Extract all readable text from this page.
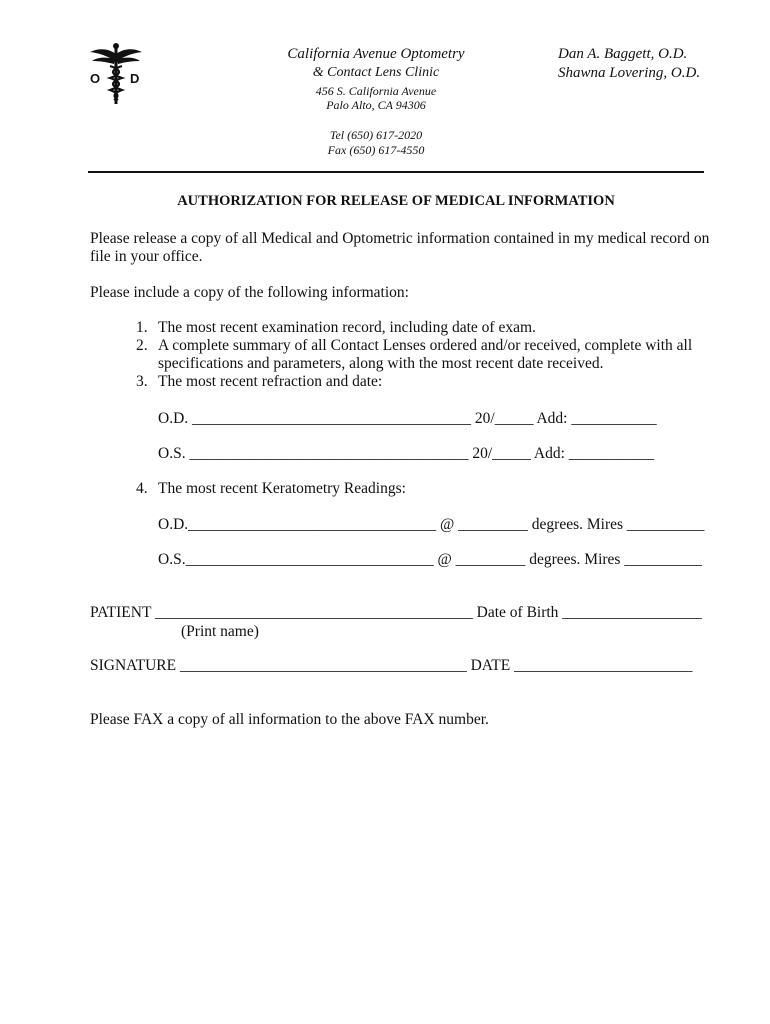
O D
California Avenue Optometry
& Contact Lens Clinic
456 S. California Avenue
Palo Alto, CA 94306
Tel (650) 617-2020
Fax (650) 617-4550
Dan A. Baggett, O.D.
Shawna Lovering, O.D.
AUTHORIZATION FOR RELEASE OF MEDICAL INFORMATION
Please release a copy of all Medical and Optometric information contained in my medical record on
file in your office.
Please include a copy of the following information:
1. The most recent examination record, including date of exam.
2. A complete summary of all Contact Lenses ordered and/or received, complete with all
specifications and parameters, along with the most recent date received.
3. The most recent refraction and date:
O.D. ____________________________________ 20/_____ Add: ___________
O.S. ____________________________________ 20/_____ Add: ___________
4. The most recent Keratometry Readings:
O.D.________________________________ @ _________ degrees. Mires __________
O.S.________________________________ @ _________ degrees. Mires __________
PATIENT _________________________________________ Date of Birth __________________
(Print name)
SIGNATURE _____________________________________ DATE _______________________
Please FAX a copy of all information to the above FAX number.
